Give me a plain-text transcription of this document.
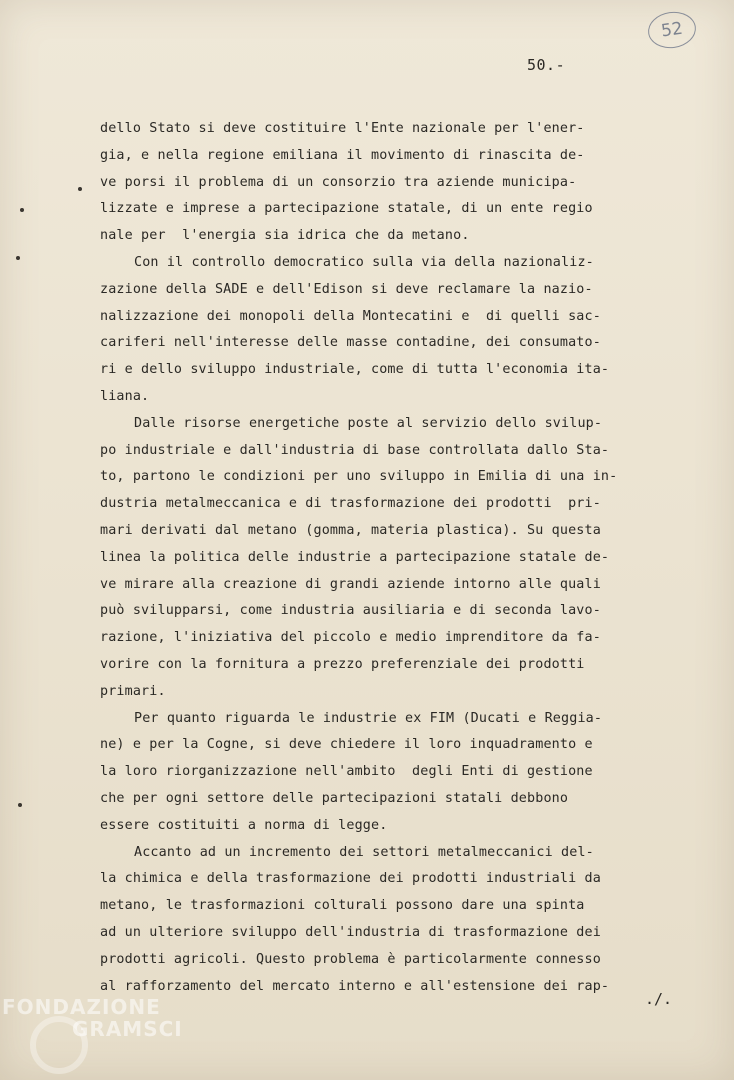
52
50.-
dello Stato si deve costituire l'Ente nazionale per l'ener-
gia, e nella regione emiliana il movimento di rinascita de-
ve porsi il problema di un consorzio tra aziende municipa-
lizzate e imprese a partecipazione statale, di un ente regio
nale per  l'energia sia idrica che da metano.
Con il controllo democratico sulla via della nazionaliz-
zazione della SADE e dell'Edison si deve reclamare la nazio-
nalizzazione dei monopoli della Montecatini e  di quelli sac-
cariferi nell'interesse delle masse contadine, dei consumato-
ri e dello sviluppo industriale, come di tutta l'economia ita-
liana.
Dalle risorse energetiche poste al servizio dello svilup-
po industriale e dall'industria di base controllata dallo Sta-
to, partono le condizioni per uno sviluppo in Emilia di una in-
dustria metalmeccanica e di trasformazione dei prodotti  pri-
mari derivati dal metano (gomma, materia plastica). Su questa
linea la politica delle industrie a partecipazione statale de-
ve mirare alla creazione di grandi aziende intorno alle quali
può svilupparsi, come industria ausiliaria e di seconda lavo-
razione, l'iniziativa del piccolo e medio imprenditore da fa-
vorire con la fornitura a prezzo preferenziale dei prodotti
primari.
Per quanto riguarda le industrie ex FIM (Ducati e Reggia-
ne) e per la Cogne, si deve chiedere il loro inquadramento e
la loro riorganizzazione nell'ambito  degli Enti di gestione
che per ogni settore delle partecipazioni statali debbono
essere costituiti a norma di legge.
Accanto ad un incremento dei settori metalmeccanici del-
la chimica e della trasformazione dei prodotti industriali da
metano, le trasformazioni colturali possono dare una spinta
ad un ulteriore sviluppo dell'industria di trasformazione dei
prodotti agricoli. Questo problema è particolarmente connesso
al rafforzamento del mercato interno e all'estensione dei rap-
./.
FONDAZIONE
GRAMSCI
